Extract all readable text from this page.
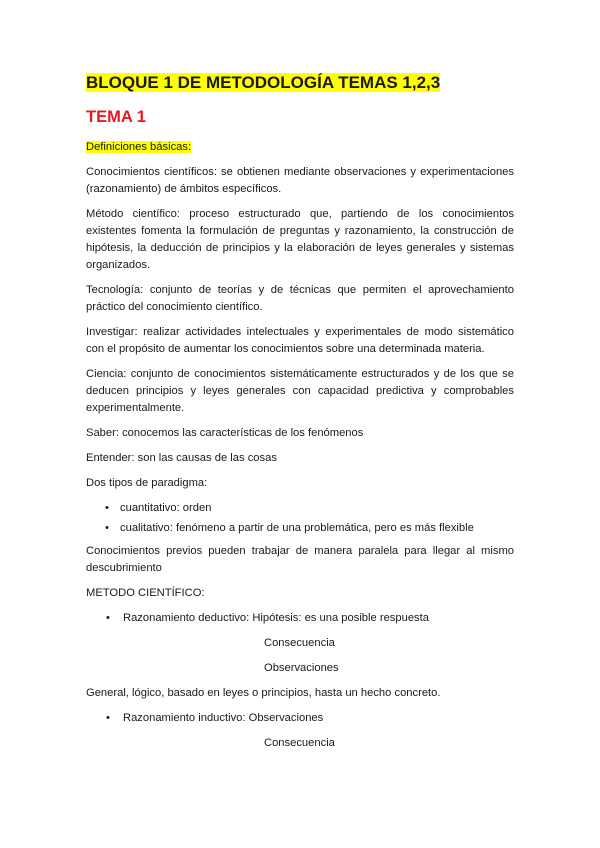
BLOQUE 1 DE METODOLOGÍA TEMAS 1,2,3
TEMA 1

Definiciones básicas:

Conocimientos científicos: se obtienen mediante observaciones y experimentaciones (razonamiento) de ámbitos específicos.

Método científico: proceso estructurado que, partiendo de los conocimientos existentes fomenta la formulación de preguntas y razonamiento, la construcción de hipótesis, la deducción de principios y la elaboración de leyes generales y sistemas organizados.

Tecnología: conjunto de teorías y de técnicas que permiten el aprovechamiento práctico del conocimiento científico.

Investigar: realizar actividades intelectuales y experimentales de modo sistemático con el propósito de aumentar los conocimientos sobre una determinada materia.

Ciencia: conjunto de conocimientos sistemáticamente estructurados y de los que se deducen principios y leyes generales con capacidad predictiva y comprobables experimentalmente.

Saber: conocemos las características de los fenómenos

Entender: son las causas de las cosas

Dos tipos de paradigma:

• cuantitativo: orden
• cualitativo: fenómeno a partir de una problemática, pero es más flexible

Conocimientos previos pueden trabajar de manera paralela para llegar al mismo descubrimiento

METODO CIENTÍFICO:

• Razonamiento deductivo: Hipótesis: es una posible respuesta

Consecuencia

Observaciones

General, lógico, basado en leyes o principios, hasta un hecho concreto.

• Razonamiento inductivo: Observaciones

Consecuencia
